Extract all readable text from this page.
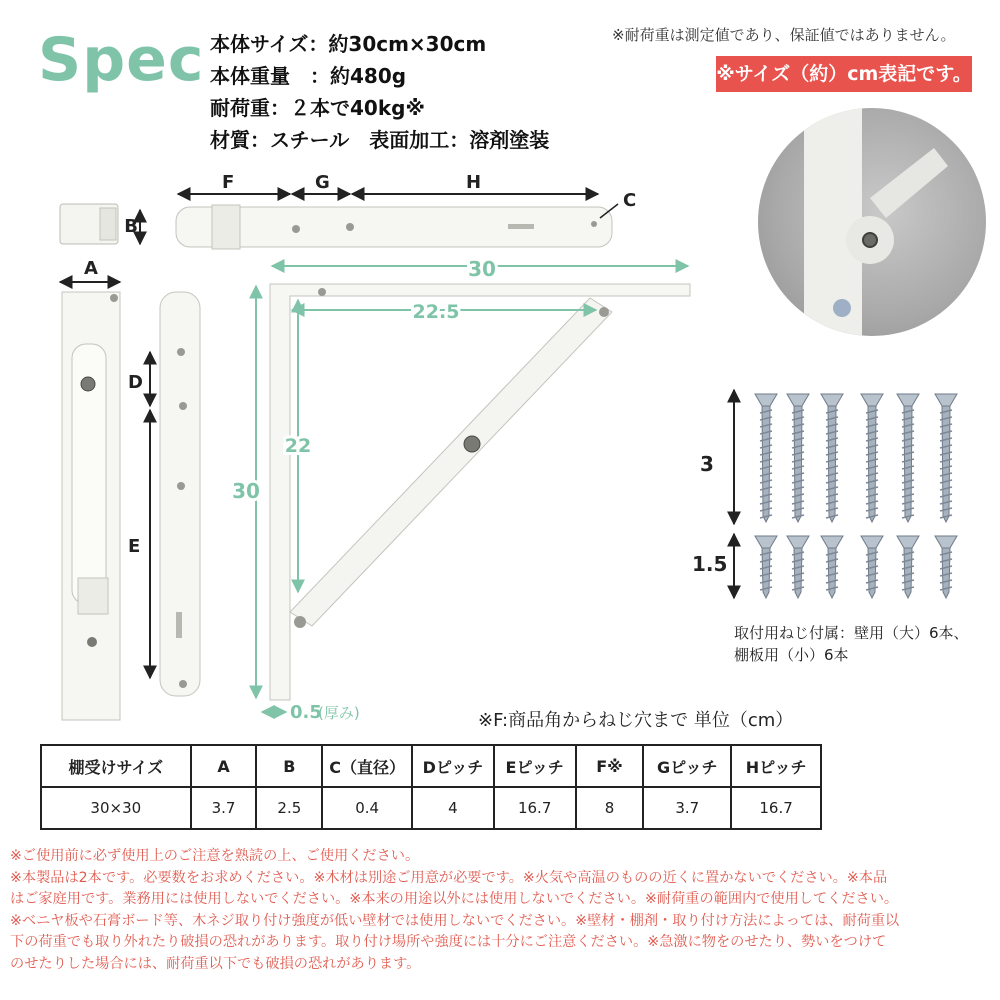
Spec 本体サイズ：約30cm×30cm
本体重量　：約480g
耐荷重：２本で40kg※
材質：スチール　表面加工：溶剤塗装
※耐荷重は測定値であり、保証値ではありません。
※サイズ（約）cm表記です。
F	G	H
C
B
A
D
E
30
22.5
30
22
0.5
(厚み)
3
1.5
取付用ねじ付属：壁用（大）6本、
棚板用（小）6本
※F:商品角からねじ穴まで 単位（cm）
棚受けサイズ	A	B	C（直径）	Dピッチ	Eピッチ	F※	Gピッチ	Hピッチ
30×30	3.7	2.5	0.4	4	16.7	8	3.7	16.7
※ご使用前に必ず使用上のご注意を熟読の上、ご使用ください。
※本製品は2本です。必要数をお求めください。※木材は別途ご用意が必要です。※火気や高温のものの近くに置かないでください。※本品
はご家庭用です。業務用には使用しないでください。※本来の用途以外には使用しないでください。※耐荷重の範囲内で使用してください。
※ベニヤ板や石膏ボード等、木ネジ取り付け強度が低い壁材では使用しないでください。※壁材・棚剤・取り付け方法によっては、耐荷重以
下の荷重でも取り外れたり破損の恐れがあります。取り付け場所や強度には十分にご注意ください。※急激に物をのせたり、勢いをつけて
のせたりした場合には、耐荷重以下でも破損の恐れがあります。
